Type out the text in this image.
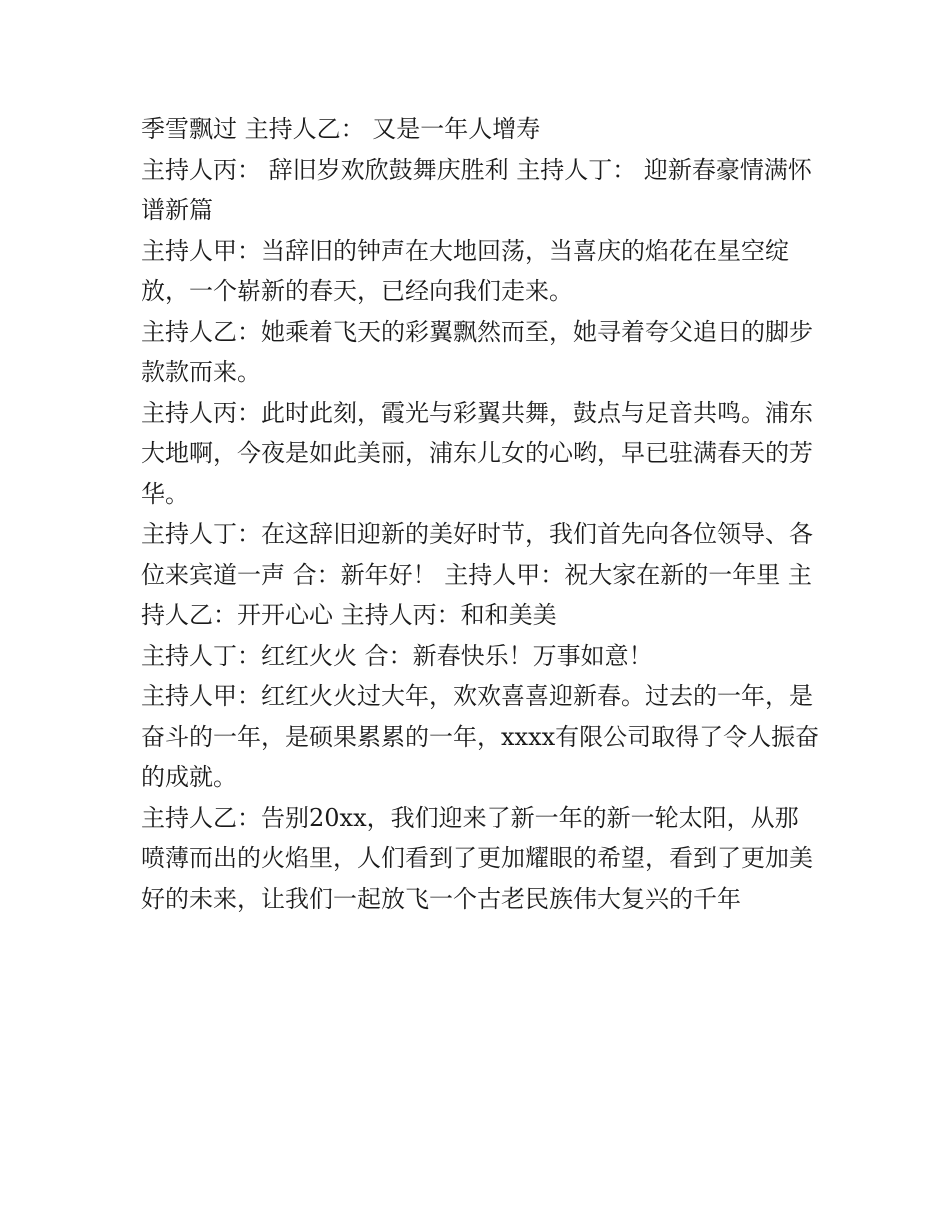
季雪飘过 主持人乙： 又是一年人增寿

主持人丙： 辞旧岁欢欣鼓舞庆胜利 主持人丁： 迎新春豪情满怀谱新篇

主持人甲：当辞旧的钟声在大地回荡，当喜庆的焰花在星空绽放，一个崭新的春天，已经向我们走来。

主持人乙：她乘着飞天的彩翼飘然而至，她寻着夸父追日的脚步款款而来。

主持人丙：此时此刻，霞光与彩翼共舞，鼓点与足音共鸣。浦东大地啊，今夜是如此美丽，浦东儿女的心哟，早已驻满春天的芳华。

主持人丁：在这辞旧迎新的美好时节，我们首先向各位领导、各位来宾道一声 合：新年好！ 主持人甲：祝大家在新的一年里 主持人乙：开开心心 主持人丙：和和美美

主持人丁：红红火火 合：新春快乐！万事如意！

主持人甲：红红火火过大年，欢欢喜喜迎新春。过去的一年，是奋斗的一年，是硕果累累的一年，xxxx有限公司取得了令人振奋的成就。

主持人乙：告别20xx，我们迎来了新一年的新一轮太阳，从那喷薄而出的火焰里，人们看到了更加耀眼的希望，看到了更加美好的未来，让我们一起放飞一个古老民族伟大复兴的千年
